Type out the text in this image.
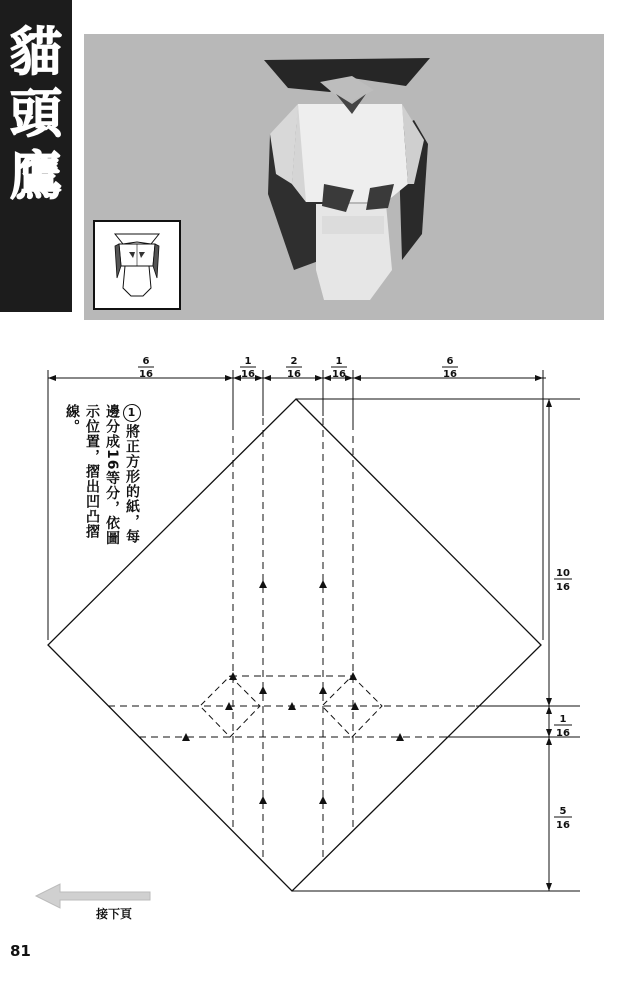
貓
頭
鷹
6
16
1
16
2
16
1
16
6
16
10
16
1
16
5
16
1將正方形的紙，每邊分成16等分，依圖示位置，摺出凹凸摺線。
接下頁
81
